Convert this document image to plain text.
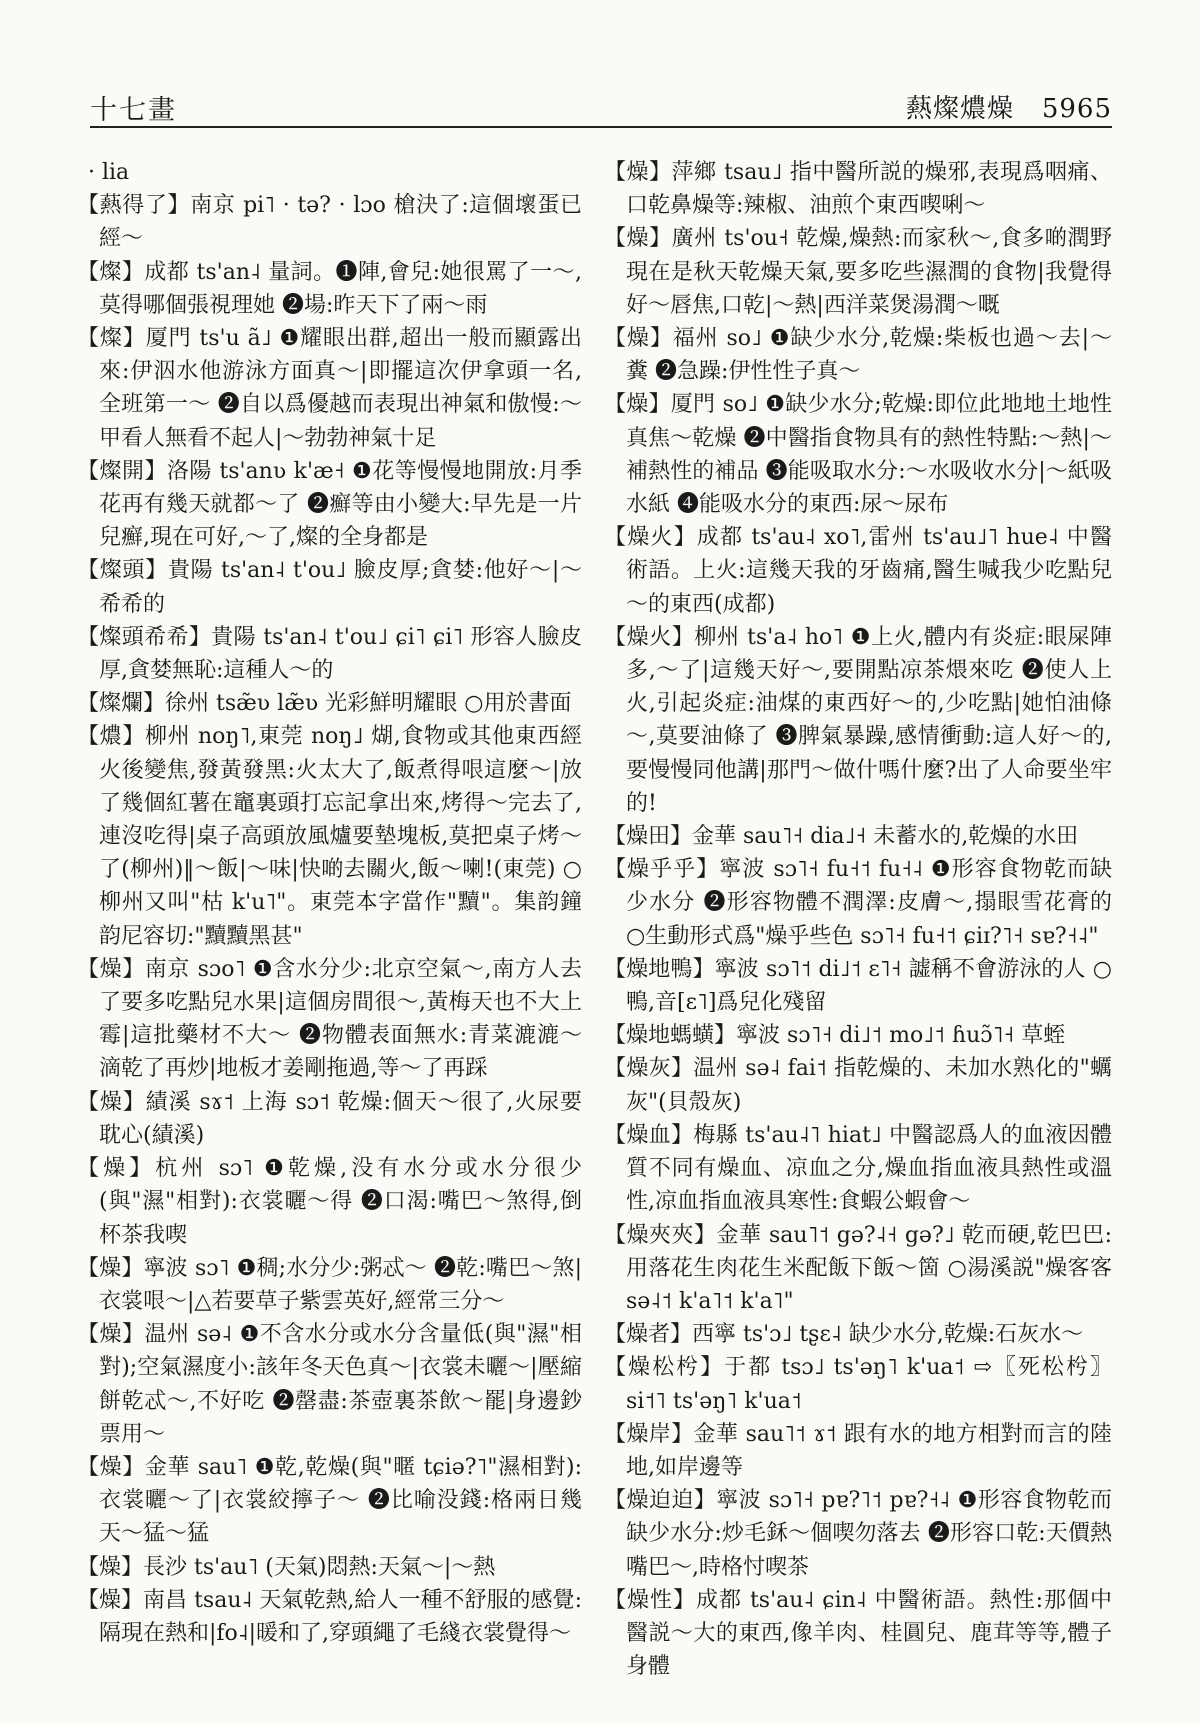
十七畫	爇燦燶燥 5965

· lia

【爇得了】南京 pi˥ · tə? · lɔo 槍決了:這個壞蛋已經～

【燦】成都 ts'an˨ 量詞。❶陣,會兒:她很罵了一～,莫得哪個張視理她 ❷場:昨天下了兩～雨

【燦】厦門 ts'u ã˩ ❶耀眼出群,超出一般而顯露出來:伊泅水他游泳方面真～|即擺這次伊拿頭一名,全班第一～ ❷自以爲優越而表現出神氣和傲慢:～甲看人無看不起人|～勃勃神氣十足

【燦開】洛陽 ts'anʋ k'æ˧ ❶花等慢慢地開放:月季花再有幾天就都～了 ❷癬等由小變大:早先是一片兒癬,現在可好,～了,燦的全身都是

【燦頭】貴陽 ts'an˨ t'ou˩ 臉皮厚;貪婪:他好～|～希希的

【燦頭希希】貴陽 ts'an˨ t'ou˩ ɕi˥ ɕi˥ 形容人臉皮厚,貪婪無恥:這種人～的

【燦爛】徐州 tsæ̃ʋ læ̃ʋ 光彩鮮明耀眼 ○用於書面

【燶】柳州 noŋ˥,東莞 noŋ˩ 煳,食物或其他東西經火後變焦,發黃發黑:火太大了,飯煮得哏這麼～|放了幾個紅薯在竈裏頭打忘記拿出來,烤得～完去了,連沒吃得|桌子高頭放風爐要墊塊板,莫把桌子烤～了(柳州)‖～飯|～味|快啲去關火,飯～喇!(東莞) ○柳州又叫"枯 k'u˥"。東莞本字當作"黷"。集韵鐘韵尼容切:"黷黷黑甚"

【燥】南京 sɔo˥ ❶含水分少:北京空氣～,南方人去了要多吃點兒水果|這個房間很～,黃梅天也不大上霉|這批藥材不大～ ❷物體表面無水:青菜漉漉～滴乾了再炒|地板才姜剛拖過,等～了再踩

【燥】績溪 sɤ˦ 上海 sɔ˦ 乾燥:個天～很了,火尿要耽心(績溪)

【燥】杭州 sɔ˥ ❶乾燥,没有水分或水分很少(與"濕"相對):衣裳曬～得 ❷口渴:嘴巴～煞得,倒杯茶我喫

【燥】寧波 sɔ˥ ❶稠;水分少:粥忒～ ❷乾:嘴巴～煞|衣裳哏～|△若要草子紫雲英好,經常三分～

【燥】温州 sə˨ ❶不含水分或水分含量低(與"濕"相對);空氣濕度小:該年冬天色真～|衣裳未曬～|壓縮餅乾忒～,不好吃 ❷罄盡:茶壺裏茶飲～罷|身邊鈔票用～

【燥】金華 sau˥ ❶乾,乾燥(與"暱 tɕiə?˥"濕相對):衣裳曬～了|衣裳絞擰子～ ❷比喻没錢:格兩日幾天～猛～猛

【燥】長沙 ts'au˥ (天氣)悶熱:天氣～|～熱

【燥】南昌 tsau˨ 天氣乾熱,給人一種不舒服的感覺:隔現在熱和|fo˨|暖和了,穿頭繩了毛綫衣裳覺得～

【燥】萍鄉 tsau˩ 指中醫所説的燥邪,表現爲咽痛、口乾鼻燥等:辣椒、油煎个東西喫唎～

【燥】廣州 ts'ou˧ 乾燥,燥熱:而家秋～,食多啲潤野現在是秋天乾燥天氣,要多吃些濕潤的食物|我覺得好～唇焦,口乾|～熱|西洋菜煲湯潤～嘅

【燥】福州 so˩ ❶缺少水分,乾燥:柴板也過～去|～糞 ❷急躁:伊性性子真～

【燥】厦門 so˩ ❶缺少水分;乾燥:即位此地地土地性真焦～乾燥 ❷中醫指食物具有的熱性特點:～熱|～補熱性的補品 ❸能吸取水分:～水吸收水分|～紙吸水紙 ❹能吸水分的東西:尿～尿布

【燥火】成都 ts'au˨ xo˥,雷州 ts'au˩˥ hue˨ 中醫術語。上火:這幾天我的牙齒痛,醫生喊我少吃點兒～的東西(成都)

【燥火】柳州 ts'a˨ ho˥ ❶上火,體内有炎症:眼屎陣多,～了|這幾天好～,要開點凉茶煨來吃 ❷使人上火,引起炎症:油煤的東西好～的,少吃點|她怕油條～,莫要油條了 ❸脾氣暴躁,感情衝動:這人好～的,要慢慢同他講|那門～做什嗎什麼?出了人命要坐牢的!

【燥田】金華 sau˥˧ dia˩˧ 未蓄水的,乾燥的水田

【燥乎乎】寧波 sɔ˥˧ fu˧˦ fu˧˨ ❶形容食物乾而缺少水分 ❷形容物體不潤澤:皮膚～,搨眼雪花膏的 ○生動形式爲"燥乎些色 sɔ˥˧ fu˧˦ ɕiɪ?˥˧ sɐ?˧˨"

【燥地鴨】寧波 sɔ˥˦ di˩˦ ɛ˥˧ 譃稱不會游泳的人 ○鴨,音[ɛ˥]爲兒化殘留

【燥地螞蟥】寧波 sɔ˥˧ di˩˦ mo˩˦ ɦuɔ̃˥˧ 草蛭

【燥灰】温州 sə˨ fai˦ 指乾燥的、未加水熟化的"蠣灰"(貝殼灰)

【燥血】梅縣 ts'au˨˥ hiat˩ 中醫認爲人的血液因體質不同有燥血、凉血之分,燥血指血液具熱性或溫性,凉血指血液具寒性:食蝦公蝦會～

【燥夾夾】金華 sau˥˦ gə?˨˧ gə?˩ 乾而硬,乾巴巴:用落花生肉花生米配飯下飯～箇 ○湯溪説"燥客客 sə˨˦ k'a˥˦ k'a˥"

【燥者】西寧 ts'ɔ˩ tʂɛ˨ 缺少水分,乾燥:石灰水～

【燥松枍】于都 tsɔ˩ ts'əŋ˥ k'ua˦ ⇨〖死松枍〗 si˦˥ ts'əŋ˥ k'ua˦

【燥岸】金華 sau˥˦ ɤ˦ 跟有水的地方相對而言的陸地,如岸邊等

【燥迫迫】寧波 sɔ˥˧ pɐ?˥˦ pɐ?˧˨ ❶形容食物乾而缺少水分:炒毛鉌～個喫勿落去 ❷形容口乾:天價熱嘴巴～,時格忖喫茶

【燥性】成都 ts'au˨ ɕin˨ 中醫術語。熱性:那個中醫説～大的東西,像羊肉、桂圓兒、鹿茸等等,體子身體
